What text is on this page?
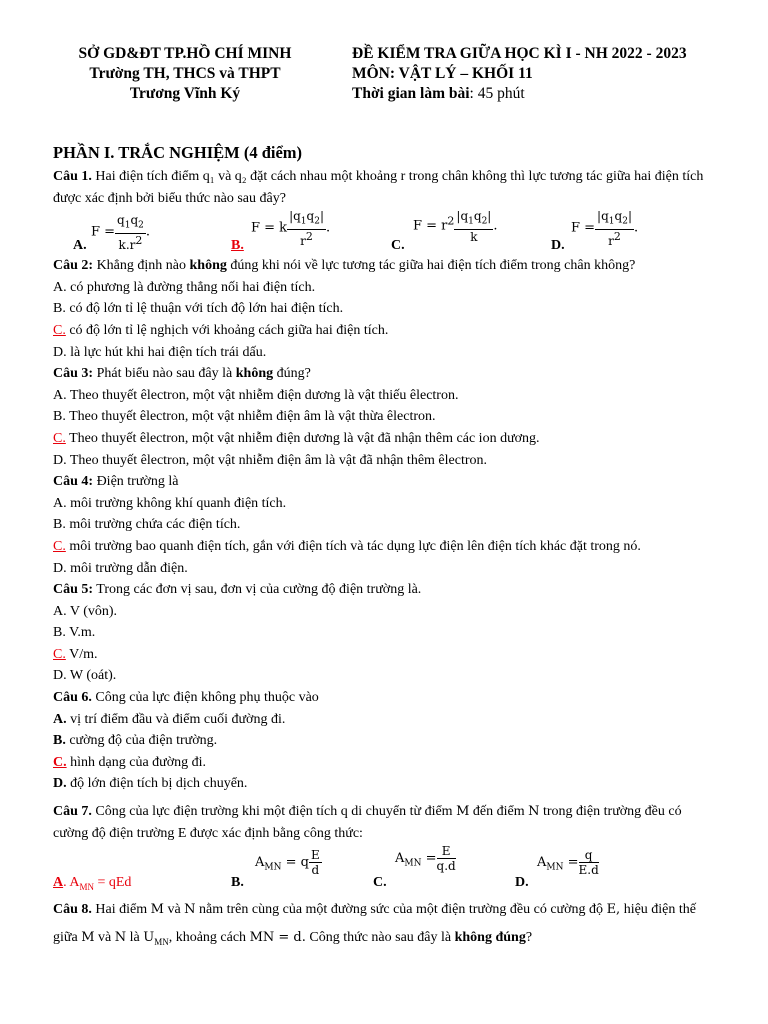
SỞ GD&ĐT TP.HỒ CHÍ MINH
Trường TH, THCS và THPT
Trương Vĩnh Ký
ĐỀ KIỂM TRA GIỮA HỌC KÌ I - NH 2022 - 2023
MÔN: VẬT LÝ – KHỐI 11
Thời gian làm bài: 45 phút
PHẦN I. TRẮC NGHIỆM (4 điểm)

Câu 1. Hai điện tích điểm q₁ và q₂ đặt cách nhau một khoảng r trong chân không thì lực tương tác giữa hai điện tích được xác định bởi biểu thức nào sau đây?

$F = \frac{q_1q_2}{k.r^2}$ .
A.
F = k $\frac{|q_1q_2|}{r^2}$ .
B.
$F = r^2 \frac{|q_1q_2|}{k}$ .
C.
$F = \frac{|q_1q_2|}{r^2}$ .
D.

Câu 2: Khẳng định nào không đúng khi nói về lực tương tác giữa hai điện tích điểm trong chân không?

A. có phương là đường thẳng nối hai điện tích.

B. có độ lớn tỉ lệ thuận với tích độ lớn hai điện tích.

C. có độ lớn tỉ lệ nghịch với khoảng cách giữa hai điện tích.

D. là lực hút khi hai điện tích trái dấu.

Câu 3: Phát biểu nào sau đây là không đúng?

A. Theo thuyết êlectron, một vật nhiễm điện dương là vật thiếu êlectron.

B. Theo thuyết êlectron, một vật nhiễm điện âm là vật thừa êlectron.

C. Theo thuyết êlectron, một vật nhiễm điện dương là vật đã nhận thêm các ion dương.

D. Theo thuyết êlectron, một vật nhiễm điện âm là vật đã nhận thêm êlectron.

Câu 4: Điện trường là

A. môi trường không khí quanh điện tích.

B. môi trường chứa các điện tích.

C. môi trường bao quanh điện tích, gắn với điện tích và tác dụng lực điện lên điện tích khác đặt trong nó.

D. môi trường dẫn điện.

Câu 5: Trong các đơn vị sau, đơn vị của cường độ điện trường là.

A. V (vôn).

B. V.m.

C. V/m.

D. W (oát).

Câu 6. Công của lực điện không phụ thuộc vào

A. vị trí điểm đầu và điểm cuối đường đi.

B. cường độ của điện trường.

C. hình dạng của đường đi.

D. độ lớn điện tích bị dịch chuyển.

Câu 7. Công của lực điện trường khi một điện tích q di chuyển từ điểm M đến điểm N trong điện trường đều có cường độ điện trường E được xác định bằng công thức:

A. $A_{MN}$ = qEd	B.
$A_{MN} = q \frac{E}{d}$
C.
$A_{MN} = \frac{E}{q.d}$
D.
$A_{MN} = \frac{q}{E.d}$

Câu 8. Hai điểm M và N nằm trên cùng của một đường sức của một điện trường đều có cường độ E, hiệu điện thế giữa M và N là $U_{MN}$, khoảng cách MN = d. Công thức nào sau đây là không đúng?
